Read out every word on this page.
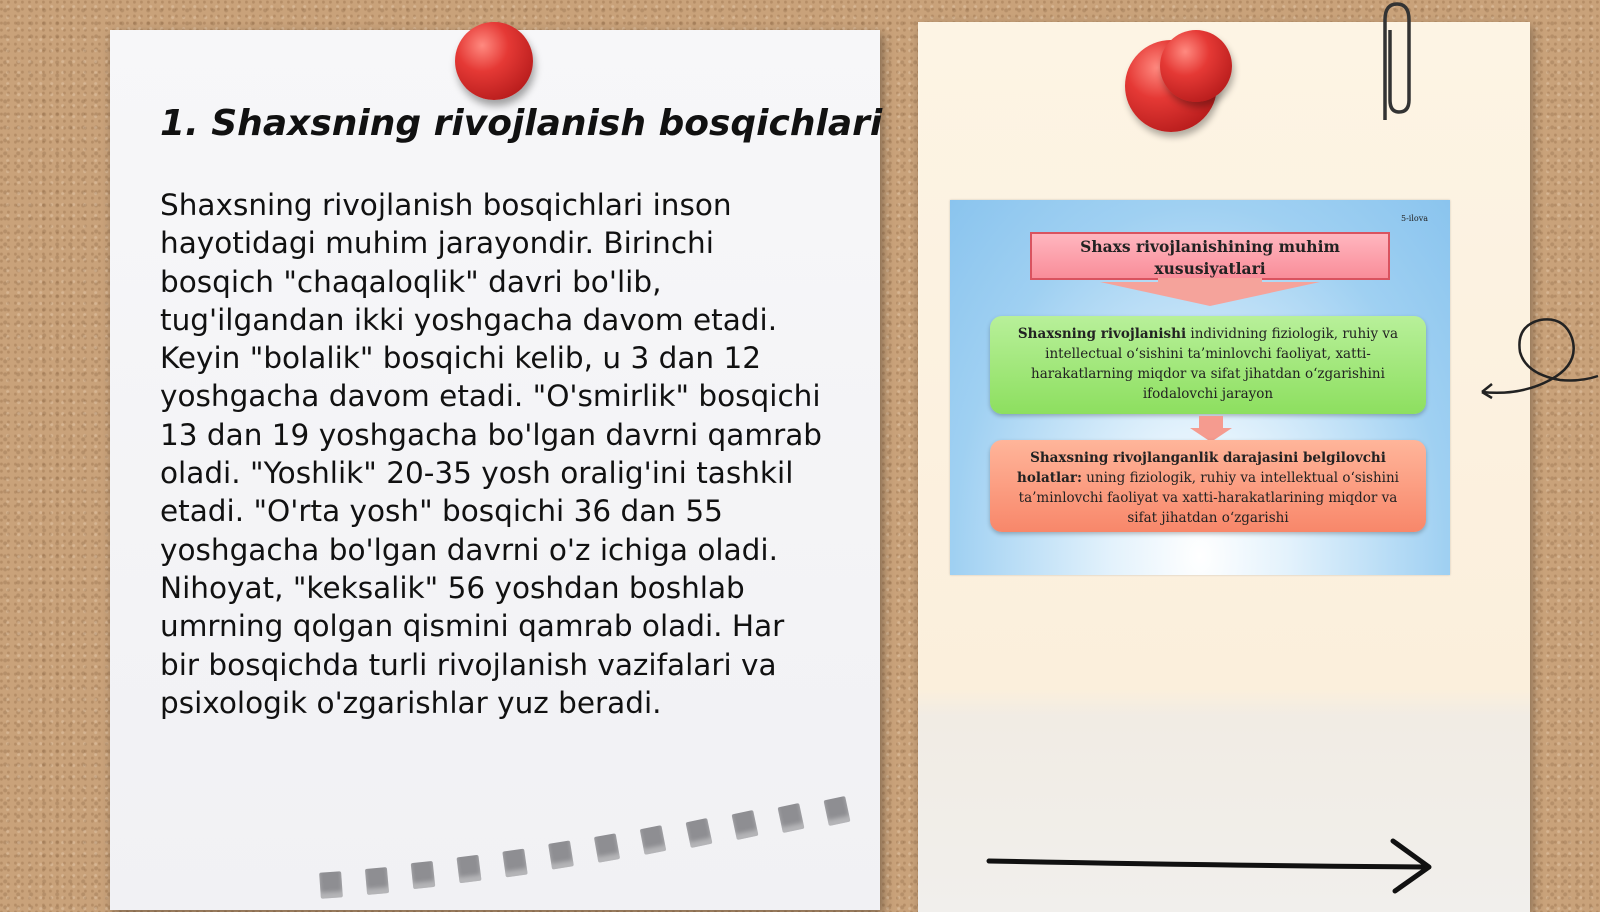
1. Shaxsning rivojlanish bosqichlari

Shaxsning rivojlanish bosqichlari inson hayotidagi muhim jarayondir. Birinchi bosqich "chaqaloqlik" davri bo'lib, tug'ilgandan ikki yoshgacha davom etadi. Keyin "bolalik" bosqichi kelib, u 3 dan 12 yoshgacha davom etadi. "O'smirlik" bosqichi 13 dan 19 yoshgacha bo'lgan davrni qamrab oladi. "Yoshlik" 20-35 yosh oralig'ini tashkil etadi. "O'rta yosh" bosqichi 36 dan 55 yoshgacha bo'lgan davrni o'z ichiga oladi. Nihoyat, "keksalik" 56 yoshdan boshlab umrning qolgan qismini qamrab oladi. Har bir bosqichda turli rivojlanish vazifalari va psixologik o'zgarishlar yuz beradi.

5-ilova
Shaxs rivojlanishining muhim xususiyatlari
Shaxsning rivojlanishi individning fiziologik, ruhiy va intellectual o‘sishini ta’minlovchi faoliyat, xatti-harakatlarning miqdor va sifat jihatdan o‘zgarishini ifodalovchi jarayon
Shaxsning rivojlanganlik darajasini belgilovchi holatlar: uning fiziologik, ruhiy va intellektual o‘sishini ta’minlovchi faoliyat va xatti-harakatlarining miqdor va sifat jihatdan o‘zgarishi
